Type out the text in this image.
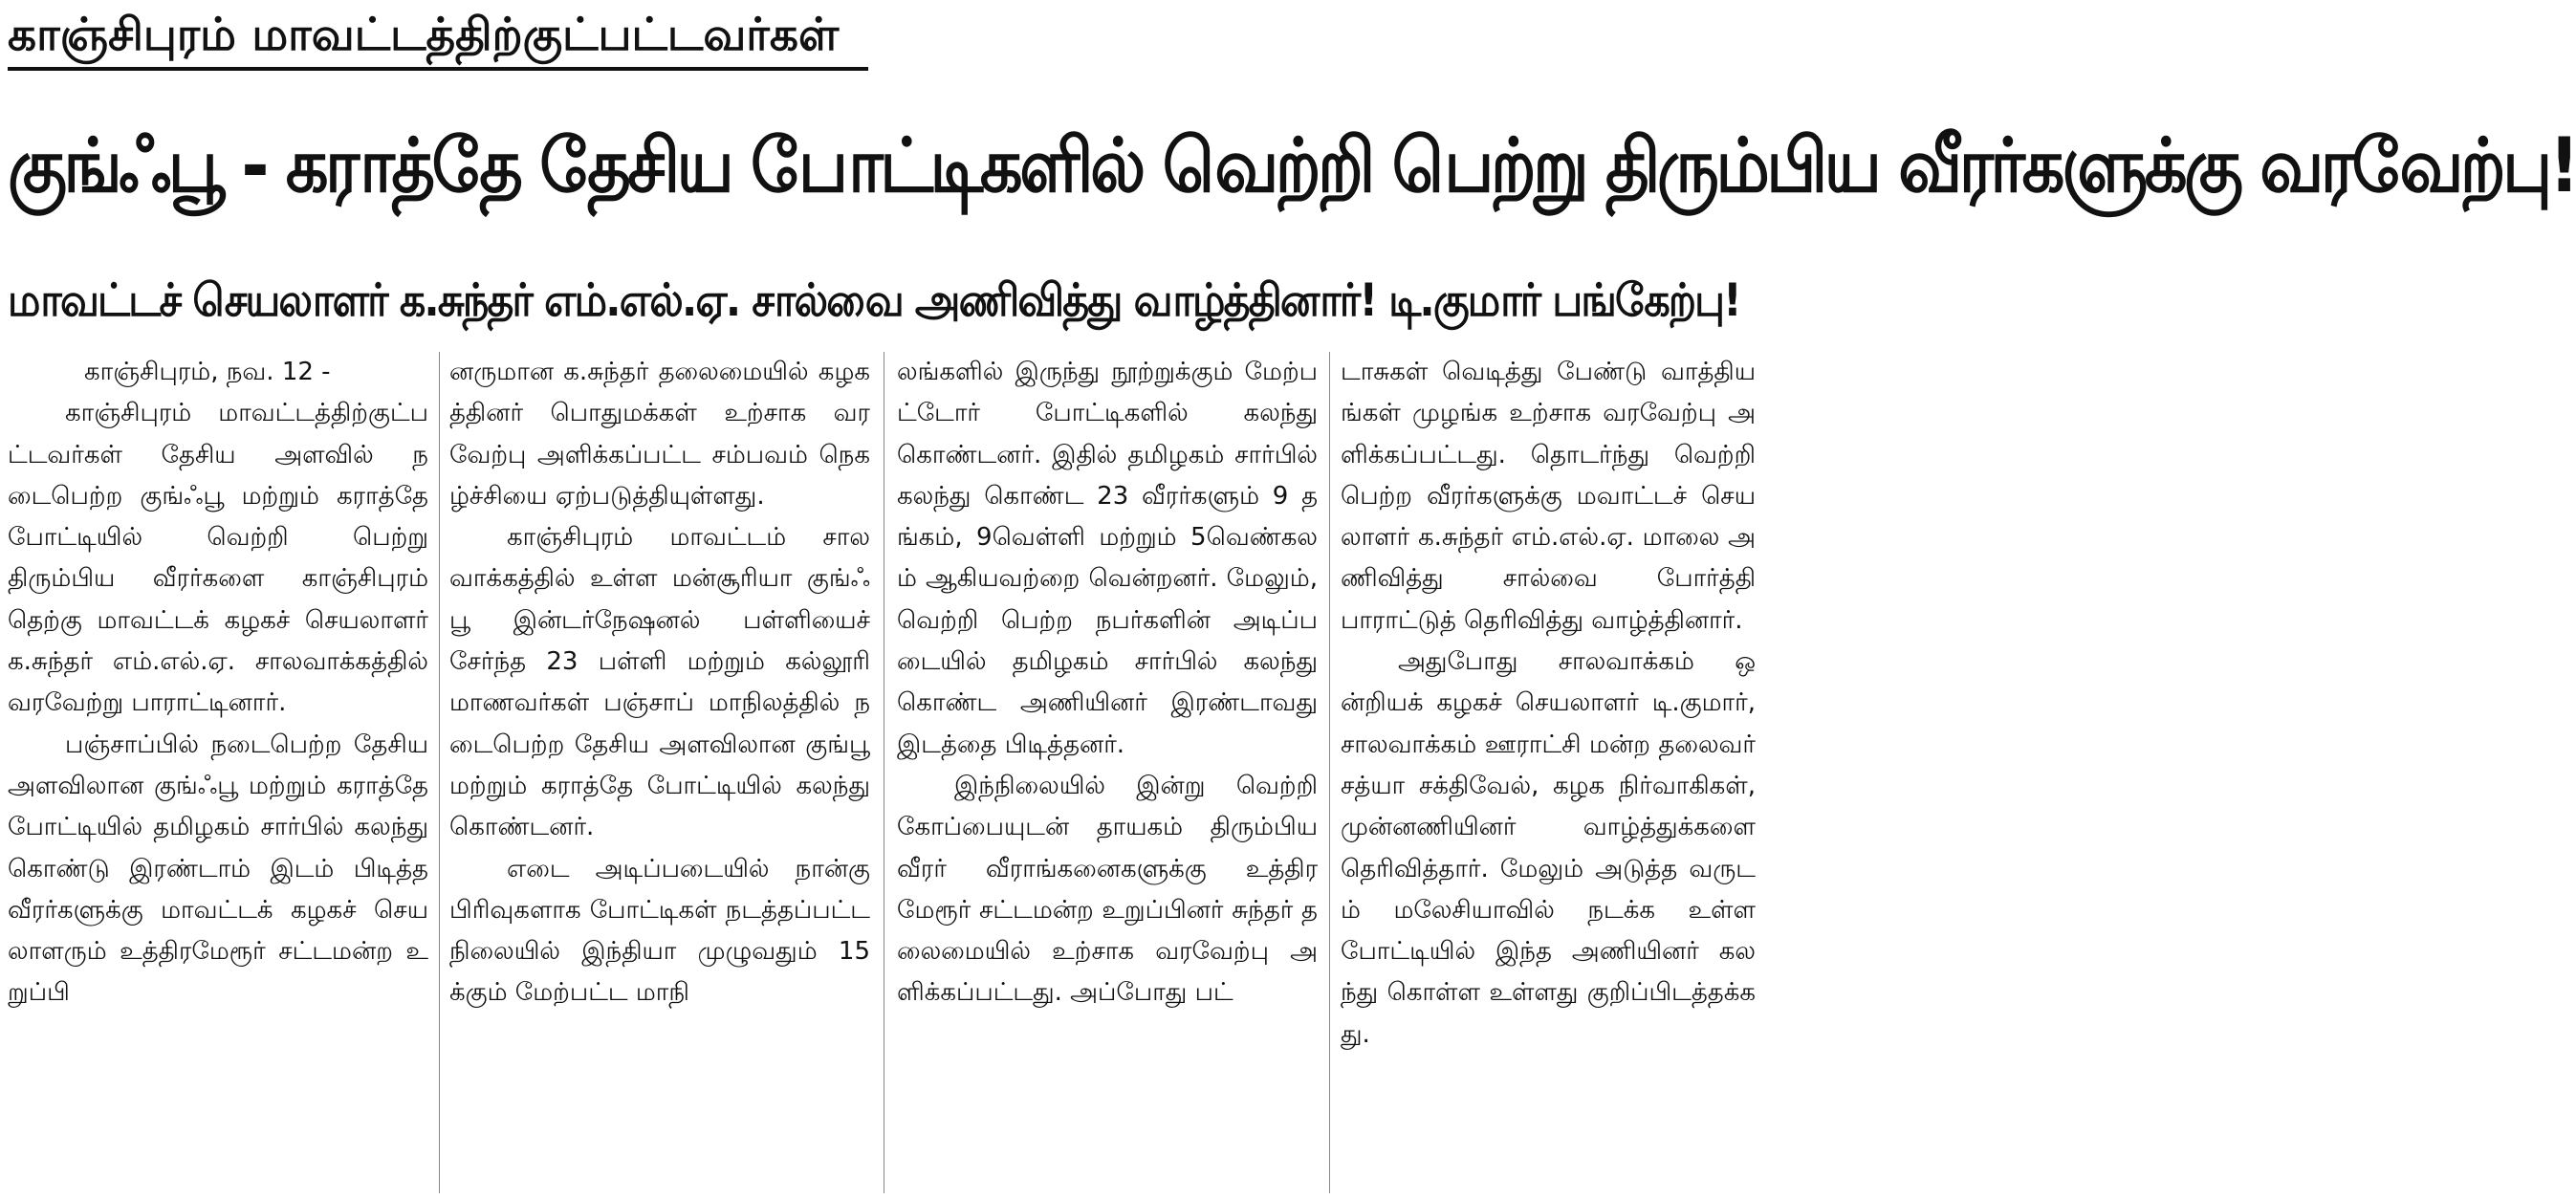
காஞ்சிபுரம் மாவட்டத்திற்குட்பட்டவர்கள்
குங்ஃபூ - கராத்தே தேசிய போட்டிகளில் வெற்றி பெற்று திரும்பிய வீரர்களுக்கு வரவேற்பு!
மாவட்டச் செயலாளர் க.சுந்தர் எம்.எல்.ஏ. சால்வை அணிவித்து வாழ்த்தினார்! டி.குமார் பங்கேற்பு!

காஞ்சிபுரம், நவ. 12 -

காஞ்சிபுரம் மாவட்டத்திற்குட்பட்டவர்கள் தேசிய அளவில் நடைபெற்ற குங்ஃபூ மற்றும் கராத்தே போட்டியில் வெற்றி பெற்று திரும்பிய வீரர்களை காஞ்சிபுரம் தெற்கு மாவட்டக் கழகச் செயலாளர் க.சுந்தர் எம்.எல்.ஏ. சாலவாக்கத்தில் வரவேற்று பாராட்டினார்.

பஞ்சாப்பில் நடைபெற்ற தேசிய அளவிலான குங்ஃபூ மற்றும் கராத்தே போட்டியில் தமிழகம் சார்பில் கலந்து கொண்டு இரண்டாம் இடம் பிடித்த வீரர்களுக்கு மாவட்டக் கழகச் செயலாளரும் உத்திரமேரூர் சட்டமன்ற உறுப்பி

னருமான க.சுந்தர் தலைமையில் கழகத்தினர் பொதுமக்கள் உற்சாக வரவேற்பு அளிக்கப்பட்ட சம்பவம் நெகழ்ச்சியை ஏற்படுத்தியுள்ளது.

காஞ்சிபுரம் மாவட்டம் சாலவாக்கத்தில் உள்ள மன்சூரியா குங்ஃபூ இன்டர்நேஷனல் பள்ளியைச் சேர்ந்த 23 பள்ளி மற்றும் கல்லூரி மாணவர்கள் பஞ்சாப் மாநிலத்தில் நடைபெற்ற தேசிய அளவிலான குங்பூ மற்றும் கராத்தே போட்டியில் கலந்து கொண்டனர்.

எடை அடிப்படையில் நான்கு பிரிவுகளாக போட்டிகள் நடத்தப்பட்ட நிலையில் இந்தியா முழுவதும் 15க்கும் மேற்பட்ட மாநி

லங்களில் இருந்து நூற்றுக்கும் மேற்பட்டோர் போட்டிகளில் கலந்து கொண்டனர். இதில் தமிழகம் சார்பில் கலந்து கொண்ட 23 வீரர்களும் 9 தங்கம், 9வெள்ளி மற்றும் 5வெண்கலம் ஆகியவற்றை வென்றனர். மேலும், வெற்றி பெற்ற நபர்களின் அடிப்படையில் தமிழகம் சார்பில் கலந்து கொண்ட அணியினர் இரண்டாவது இடத்தை பிடித்தனர்.

இந்நிலையில் இன்று வெற்றி கோப்பையுடன் தாயகம் திரும்பிய வீரர் வீராங்கனைகளுக்கு உத்திரமேரூர் சட்டமன்ற உறுப்பினர் சுந்தர் தலைமையில் உற்சாக வரவேற்பு அளிக்கப்பட்டது. அப்போது பட்

டாசுகள் வெடித்து பேண்டு வாத்தியங்கள் முழங்க உற்சாக வரவேற்பு அளிக்கப்பட்டது. தொடர்ந்து வெற்றி பெற்ற வீரர்களுக்கு மவாட்டச் செயலாளர் க.சுந்தர் எம்.எல்.ஏ. மாலை அணிவித்து சால்வை போர்த்தி பாராட்டுத் தெரிவித்து வாழ்த்தினார்.

அதுபோது சாலவாக்கம் ஒன்றியக் கழகச் செயலாளர் டி.குமார், சாலவாக்கம் ஊராட்சி மன்ற தலைவர் சத்யா சக்திவேல், கழக நிர்வாகிகள், முன்னணியினர் வாழ்த்துக்களை தெரிவித்தார். மேலும் அடுத்த வருடம் மலேசியாவில் நடக்க உள்ள போட்டியில் இந்த அணியினர் கலந்து கொள்ள உள்ளது குறிப்பிடத்தக்கது.
